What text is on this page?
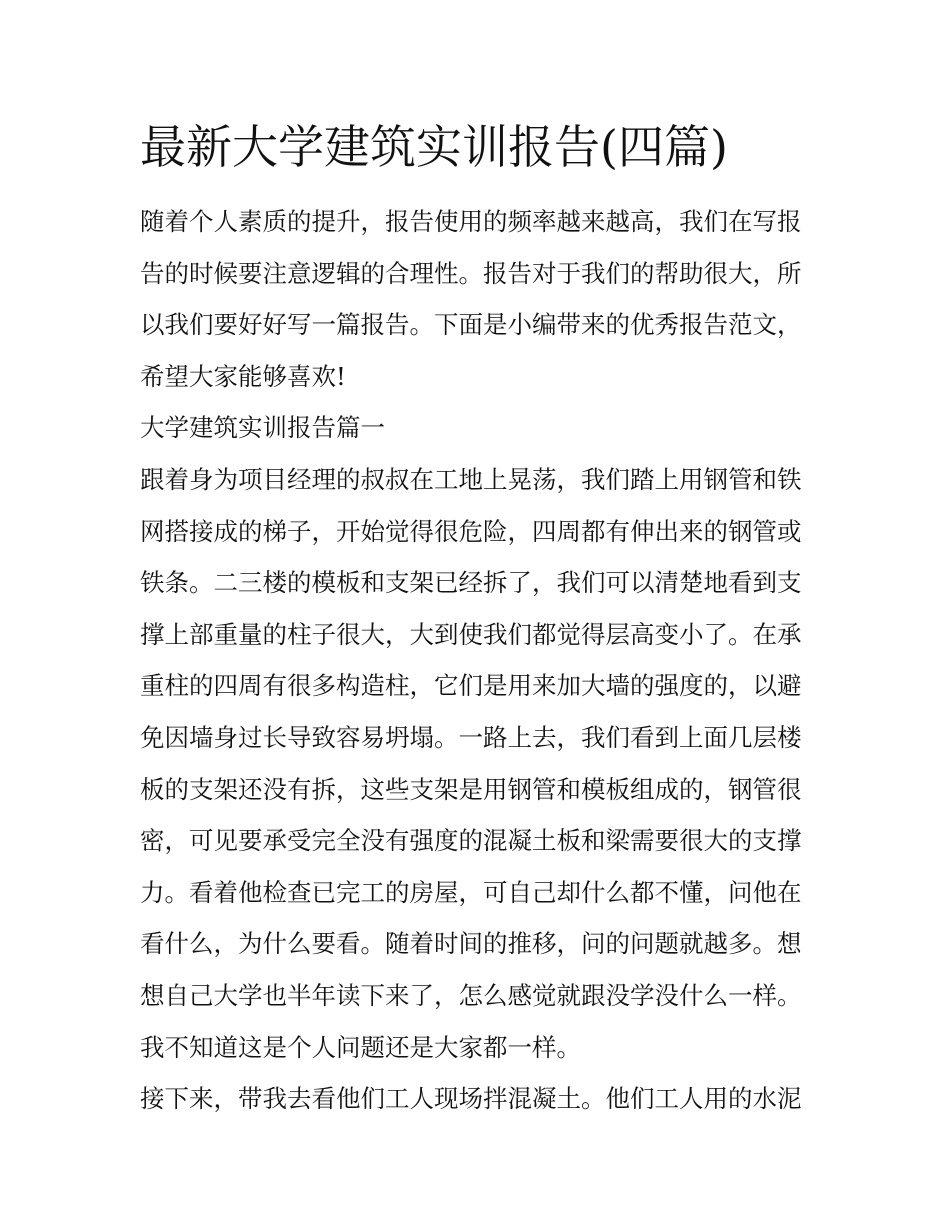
最新大学建筑实训报告(四篇)
随着个人素质的提升，报告使用的频率越来越高，我们在写报
告的时候要注意逻辑的合理性。报告对于我们的帮助很大，所
以我们要好好写一篇报告。下面是小编带来的优秀报告范文，
希望大家能够喜欢!
大学建筑实训报告篇一
跟着身为项目经理的叔叔在工地上晃荡，我们踏上用钢管和铁
网搭接成的梯子，开始觉得很危险，四周都有伸出来的钢管或
铁条。二三楼的模板和支架已经拆了，我们可以清楚地看到支
撑上部重量的柱子很大，大到使我们都觉得层高变小了。在承
重柱的四周有很多构造柱，它们是用来加大墙的强度的，以避
免因墙身过长导致容易坍塌。一路上去，我们看到上面几层楼
板的支架还没有拆，这些支架是用钢管和模板组成的，钢管很
密，可见要承受完全没有强度的混凝土板和梁需要很大的支撑
力。看着他检查已完工的房屋，可自己却什么都不懂，问他在
看什么，为什么要看。随着时间的推移，问的问题就越多。想
想自己大学也半年读下来了，怎么感觉就跟没学没什么一样。
我不知道这是个人问题还是大家都一样。
接下来，带我去看他们工人现场拌混凝土。他们工人用的水泥
